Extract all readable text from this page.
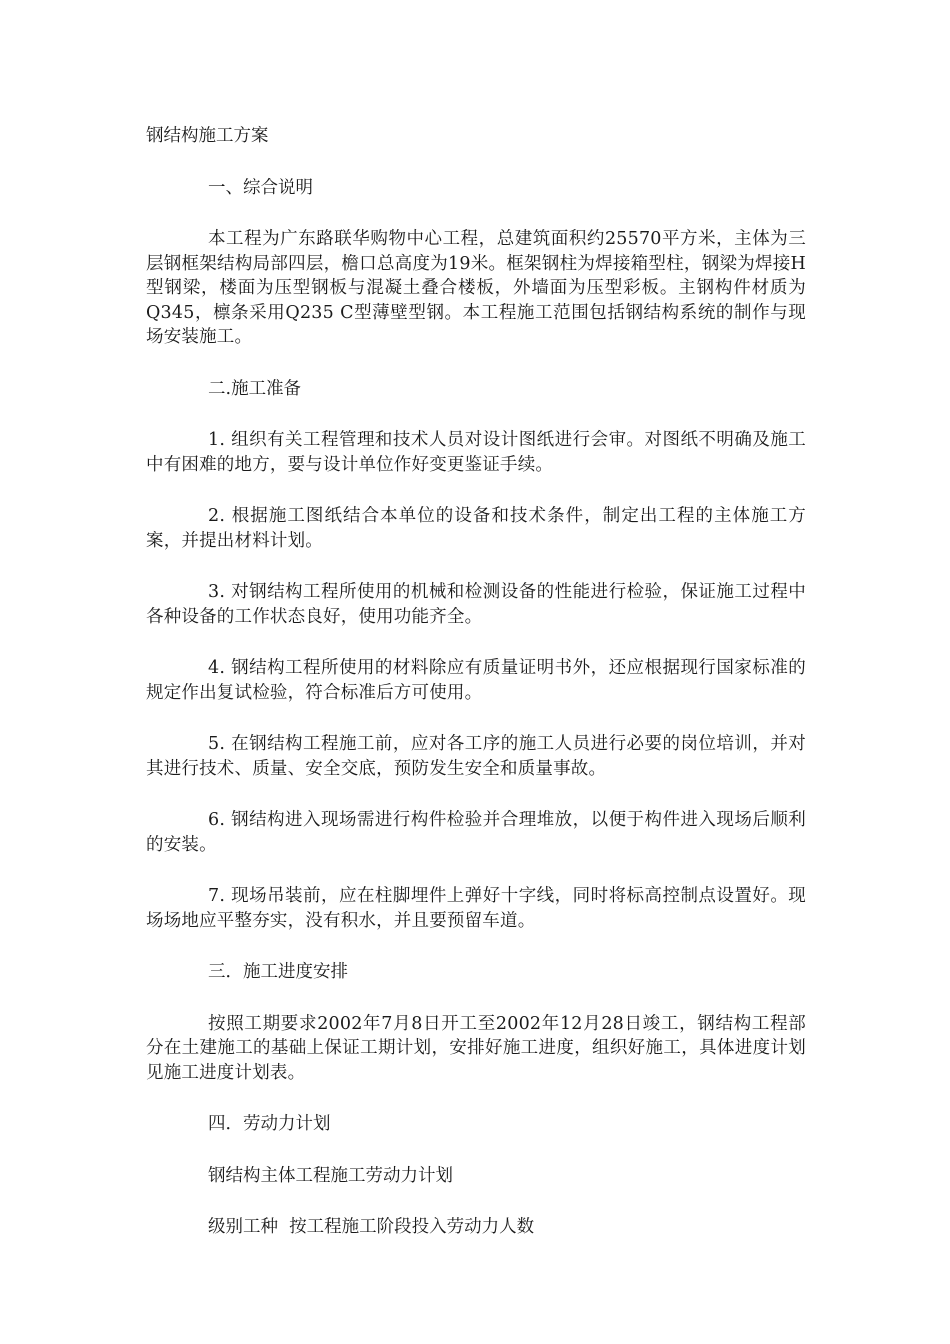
钢结构施工方案
一、综合说明

本工程为广东路联华购物中心工程，总建筑面积约25570平方米，主体为三层钢框架结构局部四层，檐口总高度为19米。框架钢柱为焊接箱型柱，钢梁为焊接H型钢梁，楼面为压型钢板与混凝土叠合楼板，外墙面为压型彩板。主钢构件材质为Q345，檩条采用Q235 C型薄壁型钢。本工程施工范围包括钢结构系统的制作与现场安装施工。

二.施工准备

1. 组织有关工程管理和技术人员对设计图纸进行会审。对图纸不明确及施工中有困难的地方，要与设计单位作好变更鉴证手续。

2. 根据施工图纸结合本单位的设备和技术条件，制定出工程的主体施工方案，并提出材料计划。

3. 对钢结构工程所使用的机械和检测设备的性能进行检验，保证施工过程中各种设备的工作状态良好，使用功能齐全。

4. 钢结构工程所使用的材料除应有质量证明书外，还应根据现行国家标准的规定作出复试检验，符合标准后方可使用。

5. 在钢结构工程施工前，应对各工序的施工人员进行必要的岗位培训，并对其进行技术、质量、安全交底，预防发生安全和质量事故。

6. 钢结构进入现场需进行构件检验并合理堆放，以便于构件进入现场后顺利的安装。

7. 现场吊装前，应在柱脚埋件上弹好十字线，同时将标高控制点设置好。现场场地应平整夯实，没有积水，并且要预留车道。

三．施工进度安排

按照工期要求2002年7月8日开工至2002年12月28日竣工，钢结构工程部分在土建施工的基础上保证工期计划，安排好施工进度，组织好施工，具体进度计划见施工进度计划表。

四．劳动力计划
钢结构主体工程施工劳动力计划
级别工种  按工程施工阶段投入劳动力人数
